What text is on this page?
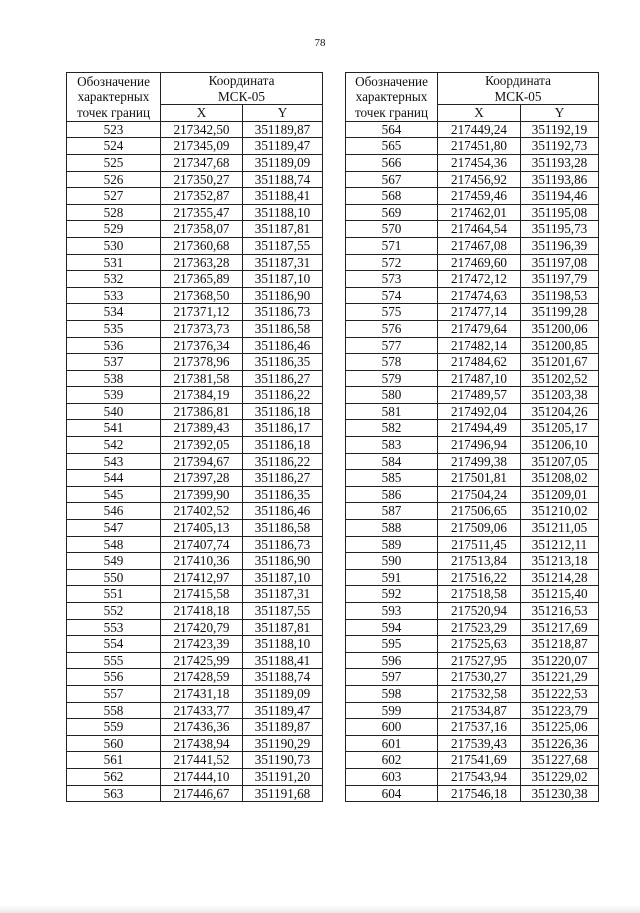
78
Обозначение
характерных
точек границ	Координата
МСК-05	
	X	Y
523	217342,50	351189,87
524	217345,09	351189,47
525	217347,68	351189,09
526	217350,27	351188,74
527	217352,87	351188,41
528	217355,47	351188,10
529	217358,07	351187,81
530	217360,68	351187,55
531	217363,28	351187,31
532	217365,89	351187,10
533	217368,50	351186,90
534	217371,12	351186,73
535	217373,73	351186,58
536	217376,34	351186,46
537	217378,96	351186,35
538	217381,58	351186,27
539	217384,19	351186,22
540	217386,81	351186,18
541	217389,43	351186,17
542	217392,05	351186,18
543	217394,67	351186,22
544	217397,28	351186,27
545	217399,90	351186,35
546	217402,52	351186,46
547	217405,13	351186,58
548	217407,74	351186,73
549	217410,36	351186,90
550	217412,97	351187,10
551	217415,58	351187,31
552	217418,18	351187,55
553	217420,79	351187,81
554	217423,39	351188,10
555	217425,99	351188,41
556	217428,59	351188,74
557	217431,18	351189,09
558	217433,77	351189,47
559	217436,36	351189,87
560	217438,94	351190,29
561	217441,52	351190,73
562	217444,10	351191,20
563	217446,67	351191,68
Обозначение
характерных
точек границ	Координата
МСК-05	
	X	Y
564	217449,24	351192,19
565	217451,80	351192,73
566	217454,36	351193,28
567	217456,92	351193,86
568	217459,46	351194,46
569	217462,01	351195,08
570	217464,54	351195,73
571	217467,08	351196,39
572	217469,60	351197,08
573	217472,12	351197,79
574	217474,63	351198,53
575	217477,14	351199,28
576	217479,64	351200,06
577	217482,14	351200,85
578	217484,62	351201,67
579	217487,10	351202,52
580	217489,57	351203,38
581	217492,04	351204,26
582	217494,49	351205,17
583	217496,94	351206,10
584	217499,38	351207,05
585	217501,81	351208,02
586	217504,24	351209,01
587	217506,65	351210,02
588	217509,06	351211,05
589	217511,45	351212,11
590	217513,84	351213,18
591	217516,22	351214,28
592	217518,58	351215,40
593	217520,94	351216,53
594	217523,29	351217,69
595	217525,63	351218,87
596	217527,95	351220,07
597	217530,27	351221,29
598	217532,58	351222,53
599	217534,87	351223,79
600	217537,16	351225,06
601	217539,43	351226,36
602	217541,69	351227,68
603	217543,94	351229,02
604	217546,18	351230,38
